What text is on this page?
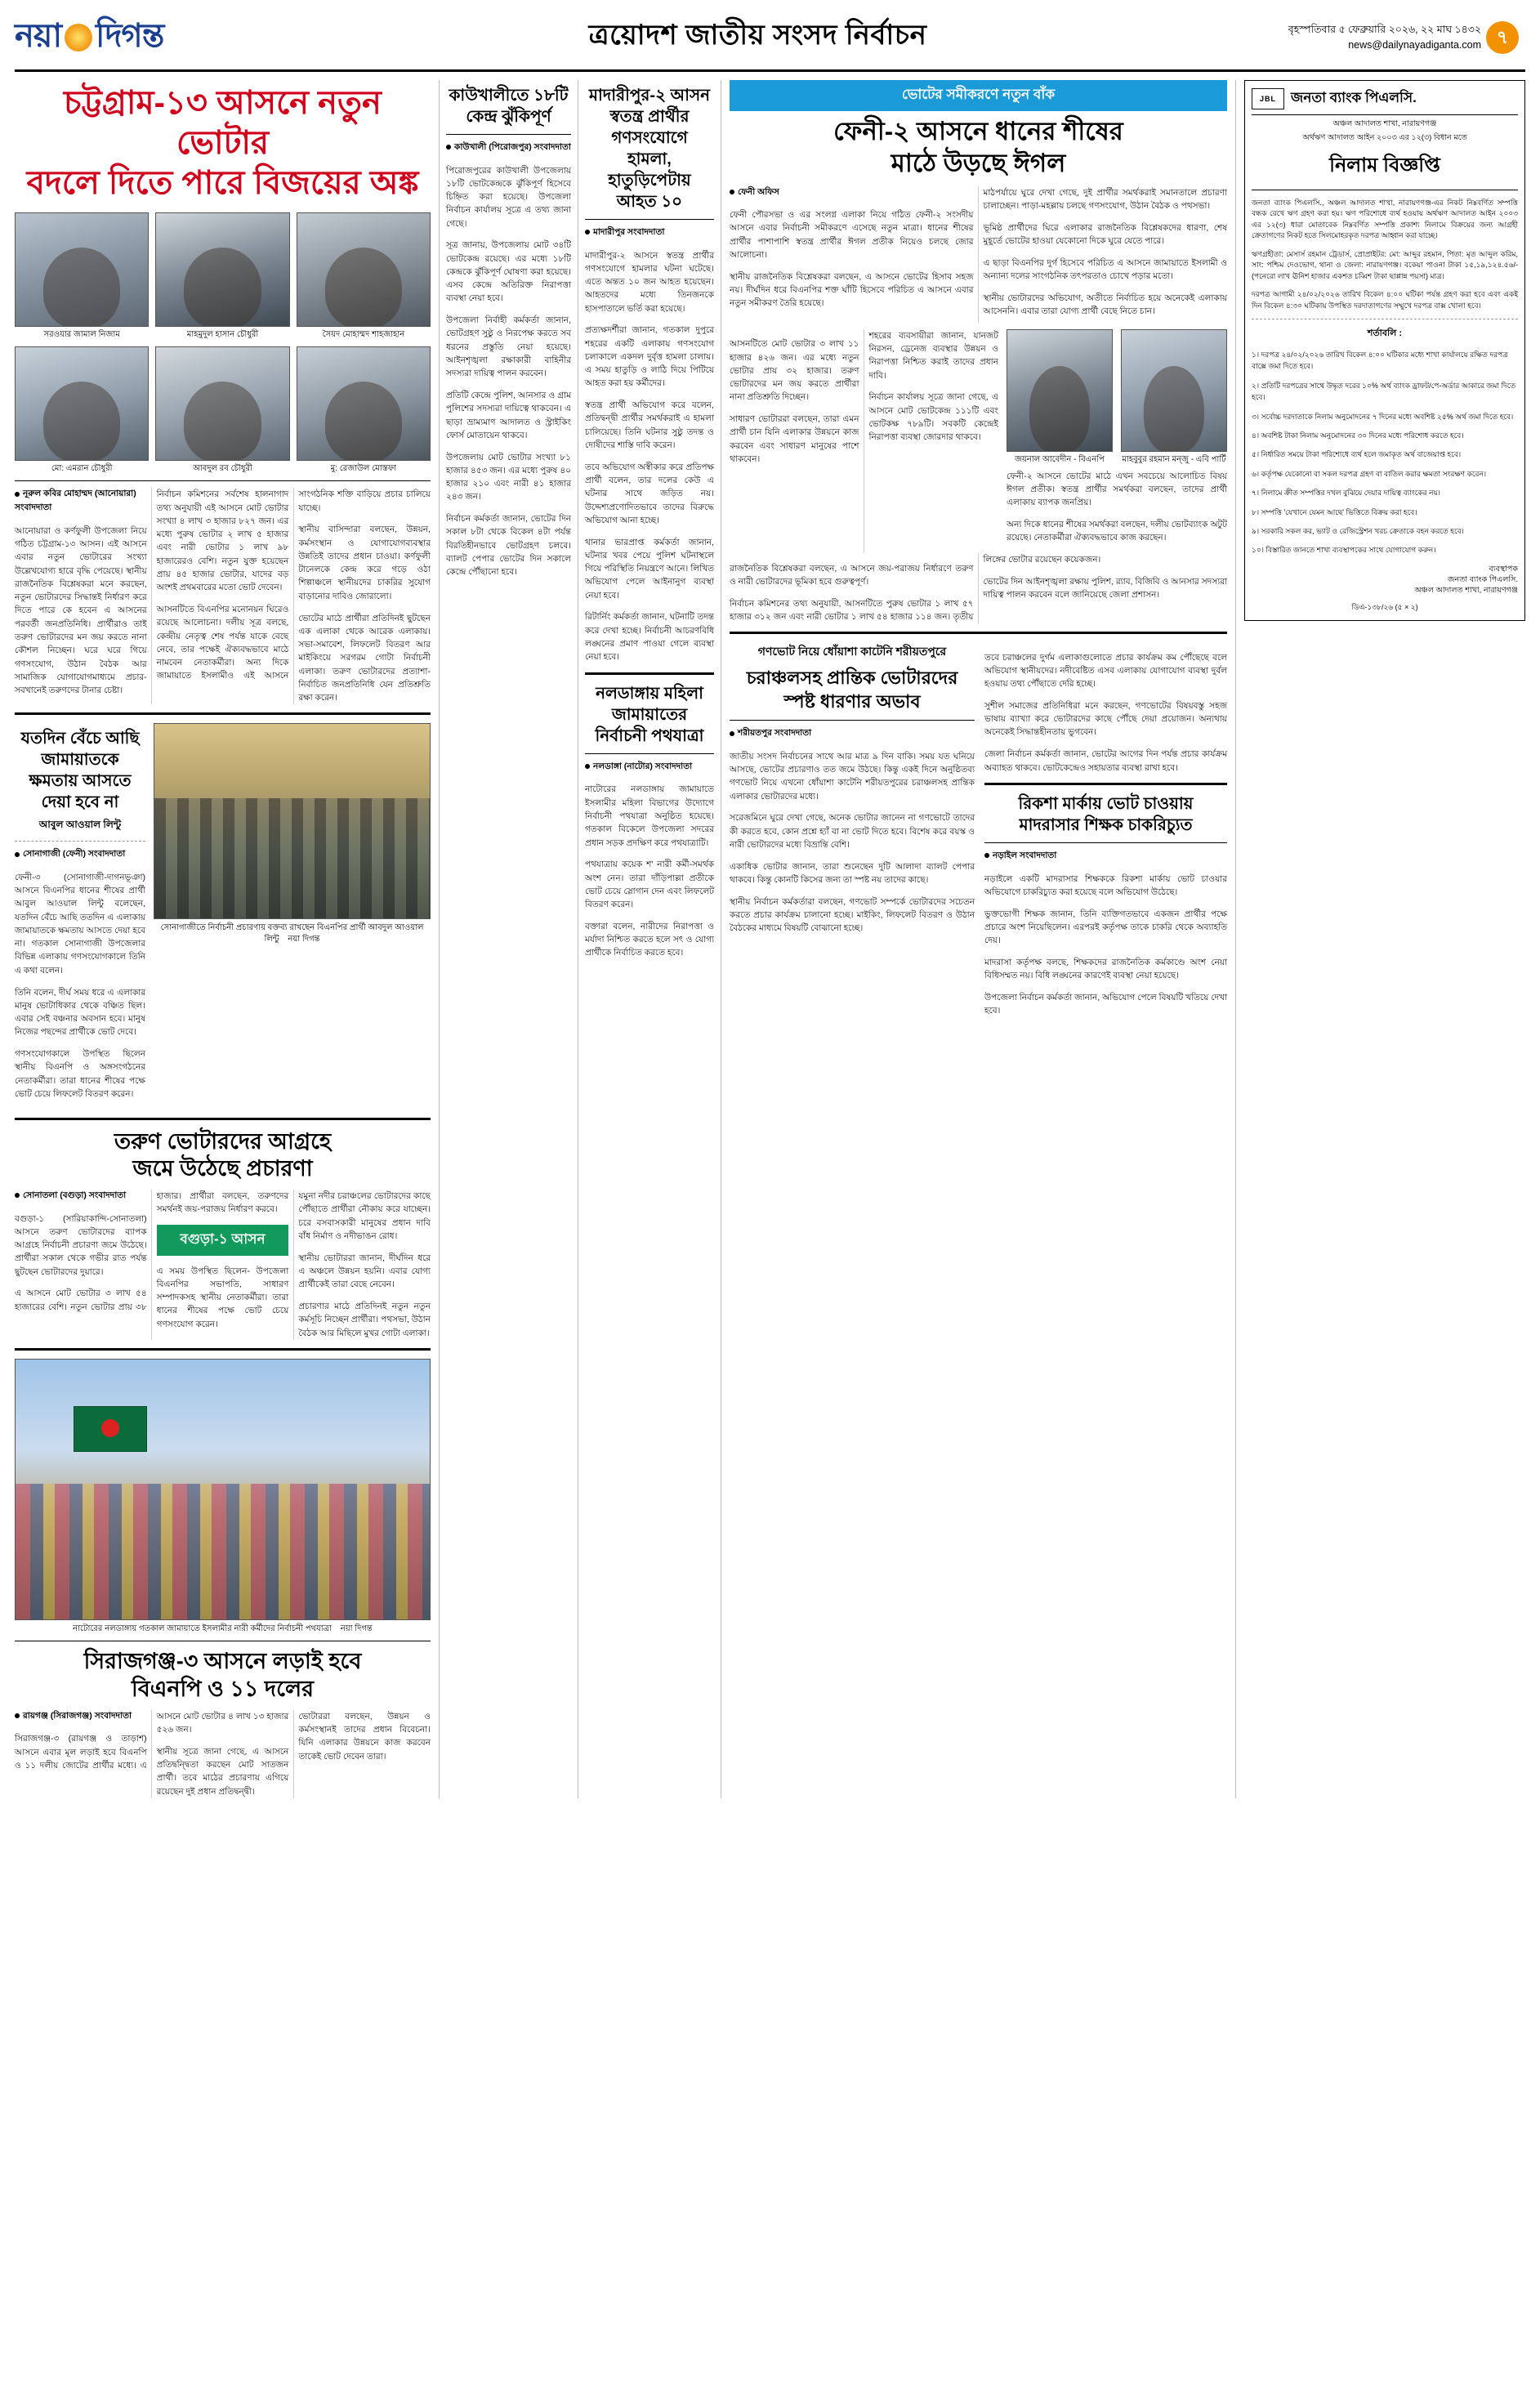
নয়া দিগন্ত	ত্রয়োদশ জাতীয় সংসদ নির্বাচন	বৃহস্পতিবার ৫ ফেব্রুয়ারি ২০২৬, ২২ মাঘ ১৪৩২
news@dailynayadiganta.com ৭
চট্টগ্রাম-১৩ আসনে নতুন ভোটার
বদলে দিতে পারে বিজয়ের অঙ্ক
সরওয়ার জামাল নিজাম	মাহমুদুল হাসান চৌধুরী	সৈয়দ মোহাম্মদ শাহজাহান
মো: এমরান চৌধুরী	আবদুল রব চৌধুরী	মু: রেজাউল মোস্তফা
নূরুল কবির মোহাম্মদ (আনোয়ারা) সংবাদদাতা

আনোয়ারা ও কর্ণফুলী উপজেলা নিয়ে গঠিত চট্টগ্রাম-১৩ আসন। এই আসনে এবার নতুন ভোটারের সংখ্যা উল্লেখযোগ্য হারে বৃদ্ধি পেয়েছে। স্থানীয় রাজনৈতিক বিশ্লেষকরা মনে করছেন, নতুন ভোটারদের সিদ্ধান্তই নির্ধারণ করে দিতে পারে কে হবেন এ আসনের পরবর্তী জনপ্রতিনিধি। প্রার্থীরাও তাই তরুণ ভোটারদের মন জয় করতে নানা কৌশল নিচ্ছেন। ঘরে ঘরে গিয়ে গণসংযোগ, উঠান বৈঠক আর সামাজিক যোগাযোগমাধ্যমে প্রচার- সবখানেই তরুণদের টানার চেষ্টা।

নির্বাচন কমিশনের সর্বশেষ হালনাগাদ তথ্য অনুযায়ী এই আসনে মোট ভোটার সংখ্যা ৪ লাখ ৩ হাজার ৮২৭ জন। এর মধ্যে পুরুষ ভোটার ২ লাখ ৫ হাজার এবং নারী ভোটার ১ লাখ ৯৮ হাজারেরও বেশি। নতুন যুক্ত হয়েছেন প্রায় ৪৫ হাজার ভোটার, যাদের বড় অংশই প্রথমবারের মতো ভোট দেবেন।

আসনটিতে বিএনপির মনোনয়ন ঘিরেও রয়েছে আলোচনা। দলীয় সূত্র বলছে, কেন্দ্রীয় নেতৃত্ব শেষ পর্যন্ত যাকে বেছে নেবে, তার পক্ষেই ঐক্যবদ্ধভাবে মাঠে নামবেন নেতাকর্মীরা। অন্য দিকে জামায়াতে ইসলামীও এই আসনে সাংগঠনিক শক্তি বাড়িয়ে প্রচার চালিয়ে যাচ্ছে।

স্থানীয় বাসিন্দারা বলছেন, উন্নয়ন, কর্মসংস্থান ও যোগাযোগব্যবস্থার উন্নতিই তাদের প্রধান চাওয়া। কর্ণফুলী টানেলকে কেন্দ্র করে গড়ে ওঠা শিল্পাঞ্চলে স্থানীয়দের চাকরির সুযোগ বাড়ানোর দাবিও জোরালো।

ভোটের মাঠে প্রার্থীরা প্রতিদিনই ছুটছেন এক এলাকা থেকে আরেক এলাকায়। সভা-সমাবেশ, লিফলেট বিতরণ আর মাইকিংয়ে সরগরম গোটা নির্বাচনী এলাকা। তরুণ ভোটারদের প্রত্যাশা- নির্বাচিত জনপ্রতিনিধি যেন প্রতিশ্রুতি রক্ষা করেন।

যতদিন বেঁচে আছি জামায়াতকে ক্ষমতায় আসতে দেয়া হবে না
আবুল আওয়াল লিন্টু
সোনাগাজী (ফেনী) সংবাদদাতা

ফেনী-৩ (সোনাগাজী-দাগনভূঞা) আসনে বিএনপির ধানের শীষের প্রার্থী আবুল আওয়াল লিন্টু বলেছেন, যতদিন বেঁচে আছি ততদিন এ এলাকায় জামায়াতকে ক্ষমতায় আসতে দেয়া হবে না। গতকাল সোনাগাজী উপজেলার বিভিন্ন এলাকায় গণসংযোগকালে তিনি এ কথা বলেন।

তিনি বলেন, দীর্ঘ সময় ধরে এ এলাকার মানুষ ভোটাধিকার থেকে বঞ্চিত ছিল। এবার সেই বঞ্চনার অবসান হবে। মানুষ নিজের পছন্দের প্রার্থীকে ভোট দেবে।

গণসংযোগকালে উপস্থিত ছিলেন স্থানীয় বিএনপি ও অঙ্গসংগঠনের নেতাকর্মীরা। তারা ধানের শীষের পক্ষে ভোট চেয়ে লিফলেট বিতরণ করেন।

সোনাগাজীতে নির্বাচনী প্রচারণায় বক্তব্য রাখছেন বিএনপির প্রার্থী আবদুল আওয়াল লিন্টু নয়া দিগন্ত
তরুণ ভোটারদের আগ্রহে
জমে উঠেছে প্রচারণা
সোনাতলা (বগুড়া) সংবাদদাতা

বগুড়া-১ (সারিয়াকান্দি-সোনাতলা) আসনে তরুণ ভোটারদের ব্যাপক আগ্রহে নির্বাচনী প্রচারণা জমে উঠেছে। প্রার্থীরা সকাল থেকে গভীর রাত পর্যন্ত ছুটছেন ভোটারদের দুয়ারে।

এ আসনে মোট ভোটার ৩ লাখ ৫৪ হাজারের বেশি। নতুন ভোটার প্রায় ৩৮ হাজার। প্রার্থীরা বলছেন, তরুণদের সমর্থনই জয়-পরাজয় নির্ধারণ করবে।

বগুড়া-১ আসন

এ সময় উপস্থিত ছিলেন- উপজেলা বিএনপির সভাপতি, সাধারণ সম্পাদকসহ স্থানীয় নেতাকর্মীরা। তারা ধানের শীষের পক্ষে ভোট চেয়ে গণসংযোগ করেন।

যমুনা নদীর চরাঞ্চলের ভোটারদের কাছে পৌঁছাতে প্রার্থীরা নৌকায় করে যাচ্ছেন। চরে বসবাসকারী মানুষের প্রধান দাবি বাঁধ নির্মাণ ও নদীভাঙন রোধ।

স্থানীয় ভোটাররা জানান, দীর্ঘদিন ধরে এ অঞ্চলে উন্নয়ন হয়নি। এবার যোগ্য প্রার্থীকেই তারা বেছে নেবেন।

প্রচারণার মাঠে প্রতিদিনই নতুন নতুন কর্মসূচি নিচ্ছেন প্রার্থীরা। পথসভা, উঠান বৈঠক আর মিছিলে মুখর গোটা এলাকা।

নাটোরের নলডাঙ্গায় গতকাল জামায়াতে ইসলামীর নারী কর্মীদের নির্বাচনী পথযাত্রা নয়া দিগন্ত
সিরাজগঞ্জ-৩ আসনে লড়াই হবে
বিএনপি ও ১১ দলের
রায়গঞ্জ (সিরাজগঞ্জ) সংবাদদাতা

সিরাজগঞ্জ-৩ (রায়গঞ্জ ও তাড়াশ) আসনে এবার মূল লড়াই হবে বিএনপি ও ১১ দলীয় জোটের প্রার্থীর মধ্যে। এ আসনে মোট ভোটার ৪ লাখ ১৩ হাজার ৫২৬ জন।

স্থানীয় সূত্রে জানা গেছে, এ আসনে প্রতিদ্বন্দ্বিতা করছেন মোট সাতজন প্রার্থী। তবে মাঠের প্রচারণায় এগিয়ে রয়েছেন দুই প্রধান প্রতিদ্বন্দ্বী।

ভোটাররা বলছেন, উন্নয়ন ও কর্মসংস্থানই তাদের প্রধান বিবেচনা। যিনি এলাকার উন্নয়নে কাজ করবেন তাকেই ভোট দেবেন তারা।

কাউখালীতে ১৮টি
কেন্দ্র ঝুঁকিপূর্ণ
কাউখালী (পিরোজপুর) সংবাদদাতা

পিরোজপুরের কাউখালী উপজেলায় ১৮টি ভোটকেন্দ্রকে ঝুঁকিপূর্ণ হিসেবে চিহ্নিত করা হয়েছে। উপজেলা নির্বাচন কার্যালয় সূত্রে এ তথ্য জানা গেছে।

সূত্র জানায়, উপজেলায় মোট ৩৪টি ভোটকেন্দ্র রয়েছে। এর মধ্যে ১৮টি কেন্দ্রকে ঝুঁকিপূর্ণ ঘোষণা করা হয়েছে। এসব কেন্দ্রে অতিরিক্ত নিরাপত্তা ব্যবস্থা নেয়া হবে।

উপজেলা নির্বাহী কর্মকর্তা জানান, ভোটগ্রহণ সুষ্ঠু ও নিরপেক্ষ করতে সব ধরনের প্রস্তুতি নেয়া হয়েছে। আইনশৃঙ্খলা রক্ষাকারী বাহিনীর সদস্যরা দায়িত্ব পালন করবেন।

প্রতিটি কেন্দ্রে পুলিশ, আনসার ও গ্রাম পুলিশের সদস্যরা দায়িত্বে থাকবেন। এ ছাড়া ভ্রাম্যমাণ আদালত ও স্ট্রাইকিং ফোর্স মোতায়েন থাকবে।

উপজেলায় মোট ভোটার সংখ্যা ৮১ হাজার ৪৫৩ জন। এর মধ্যে পুরুষ ৪০ হাজার ২১০ এবং নারী ৪১ হাজার ২৪৩ জন।

নির্বাচন কর্মকর্তা জানান, ভোটের দিন সকাল ৮টা থেকে বিকেল ৪টা পর্যন্ত বিরতিহীনভাবে ভোটগ্রহণ চলবে। ব্যালট পেপার ভোটের দিন সকালে কেন্দ্রে পৌঁছানো হবে।

মাদারীপুর-২ আসন
স্বতন্ত্র প্রার্থীর গণসংযোগে
হামলা, হাতুড়িপেটায়
আহত ১০
মাদারীপুর সংবাদদাতা

মাদারীপুর-২ আসনে স্বতন্ত্র প্রার্থীর গণসংযোগে হামলার ঘটনা ঘটেছে। এতে অন্তত ১০ জন আহত হয়েছেন। আহতদের মধ্যে তিনজনকে হাসপাতালে ভর্তি করা হয়েছে।

প্রত্যক্ষদর্শীরা জানান, গতকাল দুপুরে শহরের একটি এলাকায় গণসংযোগ চলাকালে একদল দুর্বৃত্ত হামলা চালায়। এ সময় হাতুড়ি ও লাঠি দিয়ে পিটিয়ে আহত করা হয় কর্মীদের।

স্বতন্ত্র প্রার্থী অভিযোগ করে বলেন, প্রতিদ্বন্দ্বী প্রার্থীর সমর্থকরাই এ হামলা চালিয়েছে। তিনি ঘটনার সুষ্ঠু তদন্ত ও দোষীদের শাস্তি দাবি করেন।

তবে অভিযোগ অস্বীকার করে প্রতিপক্ষ প্রার্থী বলেন, তার দলের কেউ এ ঘটনার সাথে জড়িত নয়। উদ্দেশ্যপ্রণোদিতভাবে তাদের বিরুদ্ধে অভিযোগ আনা হচ্ছে।

থানার ভারপ্রাপ্ত কর্মকর্তা জানান, ঘটনার খবর পেয়ে পুলিশ ঘটনাস্থলে গিয়ে পরিস্থিতি নিয়ন্ত্রণে আনে। লিখিত অভিযোগ পেলে আইনানুগ ব্যবস্থা নেয়া হবে।

রিটার্নিং কর্মকর্তা জানান, ঘটনাটি তদন্ত করে দেখা হচ্ছে। নির্বাচনী আচরণবিধি লঙ্ঘনের প্রমাণ পাওয়া গেলে ব্যবস্থা নেয়া হবে।

নলডাঙ্গায় মহিলা জামায়াতের নির্বাচনী পথযাত্রা
নলডাঙ্গা (নাটোর) সংবাদদাতা

নাটোরের নলডাঙ্গায় জামায়াতে ইসলামীর মহিলা বিভাগের উদ্যোগে নির্বাচনী পথযাত্রা অনুষ্ঠিত হয়েছে। গতকাল বিকেলে উপজেলা সদরের প্রধান সড়ক প্রদক্ষিণ করে পথযাত্রাটি।

পথযাত্রায় কয়েক শ' নারী কর্মী-সমর্থক অংশ নেন। তারা দাঁড়িপাল্লা প্রতীকে ভোট চেয়ে স্লোগান দেন এবং লিফলেট বিতরণ করেন।

বক্তারা বলেন, নারীদের নিরাপত্তা ও মর্যাদা নিশ্চিত করতে হলে সৎ ও যোগ্য প্রার্থীকে নির্বাচিত করতে হবে।

ভোটের সমীকরণে নতুন বাঁক
ফেনী-২ আসনে ধানের শীষের
মাঠে উড়ছে ঈগল
ফেনী অফিস

ফেনী পৌরসভা ও এর সংলগ্ন এলাকা নিয়ে গঠিত ফেনী-২ সংসদীয় আসনে এবার নির্বাচনী সমীকরণে এসেছে নতুন মাত্রা। ধানের শীষের প্রার্থীর পাশাপাশি স্বতন্ত্র প্রার্থীর ঈগল প্রতীক নিয়েও চলছে জোর আলোচনা।

স্থানীয় রাজনৈতিক বিশ্লেষকরা বলছেন, এ আসনে ভোটের হিসাব সহজ নয়। দীর্ঘদিন ধরে বিএনপির শক্ত ঘাঁটি হিসেবে পরিচিত এ আসনে এবার নতুন সমীকরণ তৈরি হয়েছে।

মাঠপর্যায়ে ঘুরে দেখা গেছে, দুই প্রার্থীর সমর্থকরাই সমানতালে প্রচারণা চালাচ্ছেন। পাড়া-মহল্লায় চলছে গণসংযোগ, উঠান বৈঠক ও পথসভা।

ভূমিষ্ঠ প্রার্থীদের ঘিরে এলাকার রাজনৈতিক বিশ্লেষকদের ধারণা, শেষ মুহূর্তে ভোটের হাওয়া যেকোনো দিকে ঘুরে যেতে পারে।

এ ছাড়া বিএনপির দুর্গ হিসেবে পরিচিত এ আসনে জামায়াতে ইসলামী ও অন্যান্য দলের সাংগঠনিক তৎপরতাও চোখে পড়ার মতো।

স্থানীয় ভোটারদের অভিযোগ, অতীতে নির্বাচিত হয়ে অনেকেই এলাকায় আসেননি। এবার তারা যোগ্য প্রার্থী বেছে নিতে চান।

আসনটিতে মোট ভোটার ৩ লাখ ১১ হাজার ৪২৬ জন। এর মধ্যে নতুন ভোটার প্রায় ৩২ হাজার। তরুণ ভোটারদের মন জয় করতে প্রার্থীরা নানা প্রতিশ্রুতি দিচ্ছেন।

সাধারণ ভোটাররা বলছেন, তারা এমন প্রার্থী চান যিনি এলাকার উন্নয়নে কাজ করবেন এবং সাধারণ মানুষের পাশে থাকবেন।

শহরের ব্যবসায়ীরা জানান, যানজট নিরসন, ড্রেনেজ ব্যবস্থার উন্নয়ন ও নিরাপত্তা নিশ্চিত করাই তাদের প্রধান দাবি।

নির্বাচন কার্যালয় সূত্রে জানা গেছে, এ আসনে মোট ভোটকেন্দ্র ১১১টি এবং ভোটকক্ষ ৭৮৯টি। সবকটি কেন্দ্রেই নিরাপত্তা ব্যবস্থা জোরদার থাকবে।

জয়নাল আবেদীন - বিএনপি	মাহবুবুর রহমান মন্জু - এবি পার্টি

ফেনী-২ আসনে ভোটের মাঠে এখন সবচেয়ে আলোচিত বিষয় ঈগল প্রতীক। স্বতন্ত্র প্রার্থীর সমর্থকরা বলছেন, তাদের প্রার্থী এলাকায় ব্যাপক জনপ্রিয়।

অন্য দিকে ধানের শীষের সমর্থকরা বলছেন, দলীয় ভোটব্যাংক অটুট রয়েছে। নেতাকর্মীরা ঐক্যবদ্ধভাবে কাজ করছেন।

রাজনৈতিক বিশ্লেষকরা বলছেন, এ আসনে জয়-পরাজয় নির্ধারণে তরুণ ও নারী ভোটারদের ভূমিকা হবে গুরুত্বপূর্ণ।

নির্বাচন কমিশনের তথ্য অনুযায়ী, আসনটিতে পুরুষ ভোটার ১ লাখ ৫৭ হাজার ৩১২ জন এবং নারী ভোটার ১ লাখ ৫৪ হাজার ১১৪ জন। তৃতীয় লিঙ্গের ভোটার রয়েছেন কয়েকজন।

ভোটের দিন আইনশৃঙ্খলা রক্ষায় পুলিশ, র‌্যাব, বিজিবি ও আনসার সদস্যরা দায়িত্ব পালন করবেন বলে জানিয়েছে জেলা প্রশাসন।

গণভোট নিয়ে ধোঁয়াশা কাটেনি শরীয়তপুরে
চরাঞ্চলসহ প্রান্তিক ভোটারদের
স্পষ্ট ধারণার অভাব
শরীয়তপুর সংবাদদাতা

জাতীয় সংসদ নির্বাচনের সাথে আর মাত্র ৯ দিন বাকি। সময় যত ঘনিয়ে আসছে, ভোটের প্রচারণাও তত জমে উঠছে। কিন্তু একই দিনে অনুষ্ঠিতব্য গণভোট নিয়ে এখনো ধোঁয়াশা কাটেনি শরীয়তপুরের চরাঞ্চলসহ প্রান্তিক এলাকার ভোটারদের মধ্যে।

সরেজমিনে ঘুরে দেখা গেছে, অনেক ভোটার জানেন না গণভোটে তাদের কী করতে হবে, কোন প্রশ্নে হ্যাঁ বা না ভোট দিতে হবে। বিশেষ করে বয়স্ক ও নারী ভোটারদের মধ্যে বিভ্রান্তি বেশি।

একাধিক ভোটার জানান, তারা শুনেছেন দুটি আলাদা ব্যালট পেপার থাকবে। কিন্তু কোনটি কিসের জন্য তা স্পষ্ট নয় তাদের কাছে।

স্থানীয় নির্বাচন কর্মকর্তারা বলছেন, গণভোট সম্পর্কে ভোটারদের সচেতন করতে প্রচার কার্যক্রম চালানো হচ্ছে। মাইকিং, লিফলেট বিতরণ ও উঠান বৈঠকের মাধ্যমে বিষয়টি বোঝানো হচ্ছে।

তবে চরাঞ্চলের দুর্গম এলাকাগুলোতে প্রচার কার্যক্রম কম পৌঁছেছে বলে অভিযোগ স্থানীয়দের। নদীবেষ্টিত এসব এলাকায় যোগাযোগ ব্যবস্থা দুর্বল হওয়ায় তথ্য পৌঁছাতে দেরি হচ্ছে।

সুশীল সমাজের প্রতিনিধিরা মনে করছেন, গণভোটের বিষয়বস্তু সহজ ভাষায় ব্যাখ্যা করে ভোটারদের কাছে পৌঁছে দেয়া প্রয়োজন। অন্যথায় অনেকেই সিদ্ধান্তহীনতায় ভুগবেন।

জেলা নির্বাচন কর্মকর্তা জানান, ভোটের আগের দিন পর্যন্ত প্রচার কার্যক্রম অব্যাহত থাকবে। ভোটকেন্দ্রেও সহায়তার ব্যবস্থা রাখা হবে।

রিকশা মার্কায় ভোট চাওয়ায়
মাদরাসার শিক্ষক চাকরিচ্যুত
নড়াইল সংবাদদাতা

নড়াইলে একটি মাদরাসার শিক্ষককে রিকশা মার্কায় ভোট চাওয়ার অভিযোগে চাকরিচ্যুত করা হয়েছে বলে অভিযোগ উঠেছে।

ভুক্তভোগী শিক্ষক জানান, তিনি ব্যক্তিগতভাবে একজন প্রার্থীর পক্ষে প্রচারে অংশ নিয়েছিলেন। এরপরই কর্তৃপক্ষ তাকে চাকরি থেকে অব্যাহতি দেয়।

মাদরাসা কর্তৃপক্ষ বলছে, শিক্ষকদের রাজনৈতিক কর্মকাণ্ডে অংশ নেয়া বিধিসম্মত নয়। বিধি লঙ্ঘনের কারণেই ব্যবস্থা নেয়া হয়েছে।

উপজেলা নির্বাচন কর্মকর্তা জানান, অভিযোগ পেলে বিষয়টি খতিয়ে দেখা হবে।

JBL	জনতা ব্যাংক পিএলসি.
অঞ্চল আদালত শাখা, নারায়ণগঞ্জ
অর্থঋণ আদালত আইন ২০০৩ এর ১২(৩) বিধান মতে
নিলাম বিজ্ঞপ্তি

জনতা ব্যাংক পিএলসি., অঞ্চল আদালত শাখা, নারায়ণগঞ্জ-এর নিকট নিম্নবর্ণিত সম্পত্তি বন্ধক রেখে ঋণ গ্রহণ করা হয়। ঋণ পরিশোধে ব্যর্থ হওয়ায় অর্থঋণ আদালত আইন ২০০৩ এর ১২(৩) ধারা মোতাবেক নিম্নবর্ণিত সম্পত্তি প্রকাশ্য নিলামে বিক্রয়ের জন্য আগ্রহী ক্রেতাগণের নিকট হতে সিলমোহরকৃত দরপত্র আহ্বান করা যাচ্ছে।

ঋণগ্রহীতা: মেসার্স রহমান ট্রেডার্স, প্রোপ্রাইটর: মো: আব্দুর রহমান, পিতা: মৃত আব্দুল করিম, সাং: পশ্চিম দেওভোগ, থানা ও জেলা: নারায়ণগঞ্জ। বকেয়া পাওনা টাকা ১৫,১৯,১২৪.৫৬/- (পনেরো লাখ ঊনিশ হাজার একশত চব্বিশ টাকা ছাপ্পান্ন পয়সা) মাত্র।

দরপত্র আগামী ২৪/০২/২০২৬ তারিখ বিকেল ৪:০০ ঘটিকা পর্যন্ত গ্রহণ করা হবে এবং একই দিন বিকেল ৪:৩০ ঘটিকায় উপস্থিত দরদাতাগণের সম্মুখে দরপত্র বাক্স খোলা হবে।

শর্তাবলি :

১। দরপত্র ২৪/০২/২০২৬ তারিখ বিকেল ৪:০০ ঘটিকার মধ্যে শাখা কার্যালয়ে রক্ষিত দরপত্র বাক্সে জমা দিতে হবে।

২। প্রতিটি দরপত্রের সাথে উদ্ধৃত দরের ১০% অর্থ ব্যাংক ড্রাফট/পে-অর্ডার আকারে জমা দিতে হবে।

৩। সর্বোচ্চ দরদাতাকে নিলাম অনুমোদনের ৭ দিনের মধ্যে অবশিষ্ট ২৫% অর্থ জমা দিতে হবে।

৪। অবশিষ্ট টাকা নিলাম অনুমোদনের ৩০ দিনের মধ্যে পরিশোধ করতে হবে।

৫। নির্ধারিত সময়ে টাকা পরিশোধে ব্যর্থ হলে জমাকৃত অর্থ বাজেয়াপ্ত হবে।

৬। কর্তৃপক্ষ যেকোনো বা সকল দরপত্র গ্রহণ বা বাতিল করার ক্ষমতা সংরক্ষণ করেন।

৭। নিলামে ক্রীত সম্পত্তির দখল বুঝিয়ে দেয়ার দায়িত্ব ব্যাংকের নয়।

৮। সম্পত্তি 'যেখানে যেমন আছে' ভিত্তিতে বিক্রয় করা হবে।

৯। সরকারি সকল কর, ভ্যাট ও রেজিস্ট্রেশন খরচ ক্রেতাকে বহন করতে হবে।

১০। বিস্তারিত জানতে শাখা ব্যবস্থাপকের সাথে যোগাযোগ করুন।

ব্যবস্থাপক
জনতা ব্যাংক পিএলসি.
অঞ্চল আদালত শাখা, নারায়ণগঞ্জ
ডিএ-১৩৮/২৬ (৫ × ২)
